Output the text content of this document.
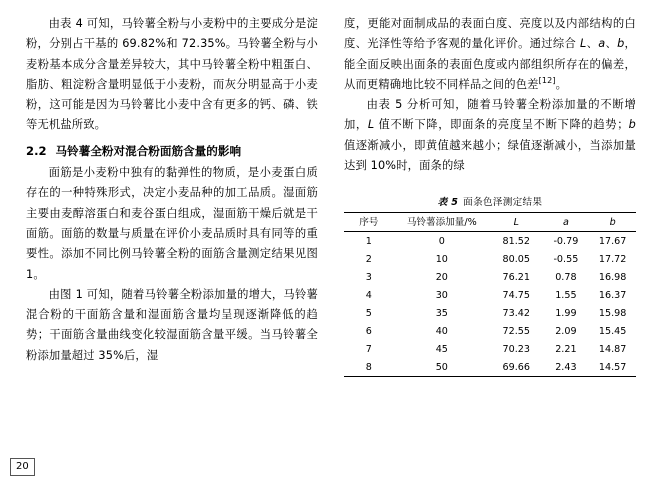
由表 4 可知，马铃薯全粉与小麦粉中的主要成分是淀粉，分别占干基的 69.82%和 72.35%。马铃薯全粉与小麦粉基本成分含量差异较大，其中马铃薯全粉中粗蛋白、脂肪、粗淀粉含量明显低于小麦粉，而灰分明显高于小麦粉，这可能是因为马铃薯比小麦中含有更多的钙、磷、铁等无机盐所致。

2.2 马铃薯全粉对混合粉面筋含量的影响

面筋是小麦粉中独有的黏弹性的物质，是小麦蛋白质存在的一种特殊形式，决定小麦品种的加工品质。湿面筋主要由麦醇溶蛋白和麦谷蛋白组成，湿面筋干燥后就是干面筋。面筋的数量与质量在评价小麦品质时具有同等的重要性。添加不同比例马铃薯全粉的面筋含量测定结果见图 1。

由图 1 可知，随着马铃薯全粉添加量的增大，马铃薯混合粉的干面筋含量和湿面筋含量均呈现逐渐降低的趋势；干面筋含量曲线变化较湿面筋含量平缓。当马铃薯全粉添加量超过 35%后，湿

度，更能对面制成品的表面白度、亮度以及内部结构的白度、光泽性等给予客观的量化评价。通过综合 L、a、b，能全面反映出面条的表面色度或内部组织所存在的偏差，从而更精确地比较不同样品之间的色差[12]。

由表 5 分析可知，随着马铃薯全粉添加量的不断增加，L 值不断下降，即面条的亮度呈不断下降的趋势；b 值逐渐减小，即黄值越来越小；绿值逐渐减小，当添加量达到 10%时，面条的绿

表 5 面条色泽测定结果
序号	马铃薯添加量/%	L	a	b
1	0	81.52	-0.79	17.67
2	10	80.05	-0.55	17.72
3	20	76.21	0.78	16.98
4	30	74.75	1.55	16.37
5	35	73.42	1.99	15.98
6	40	72.55	2.09	15.45
7	45	70.23	2.21	14.87
8	50	69.66	2.43	14.57
20
